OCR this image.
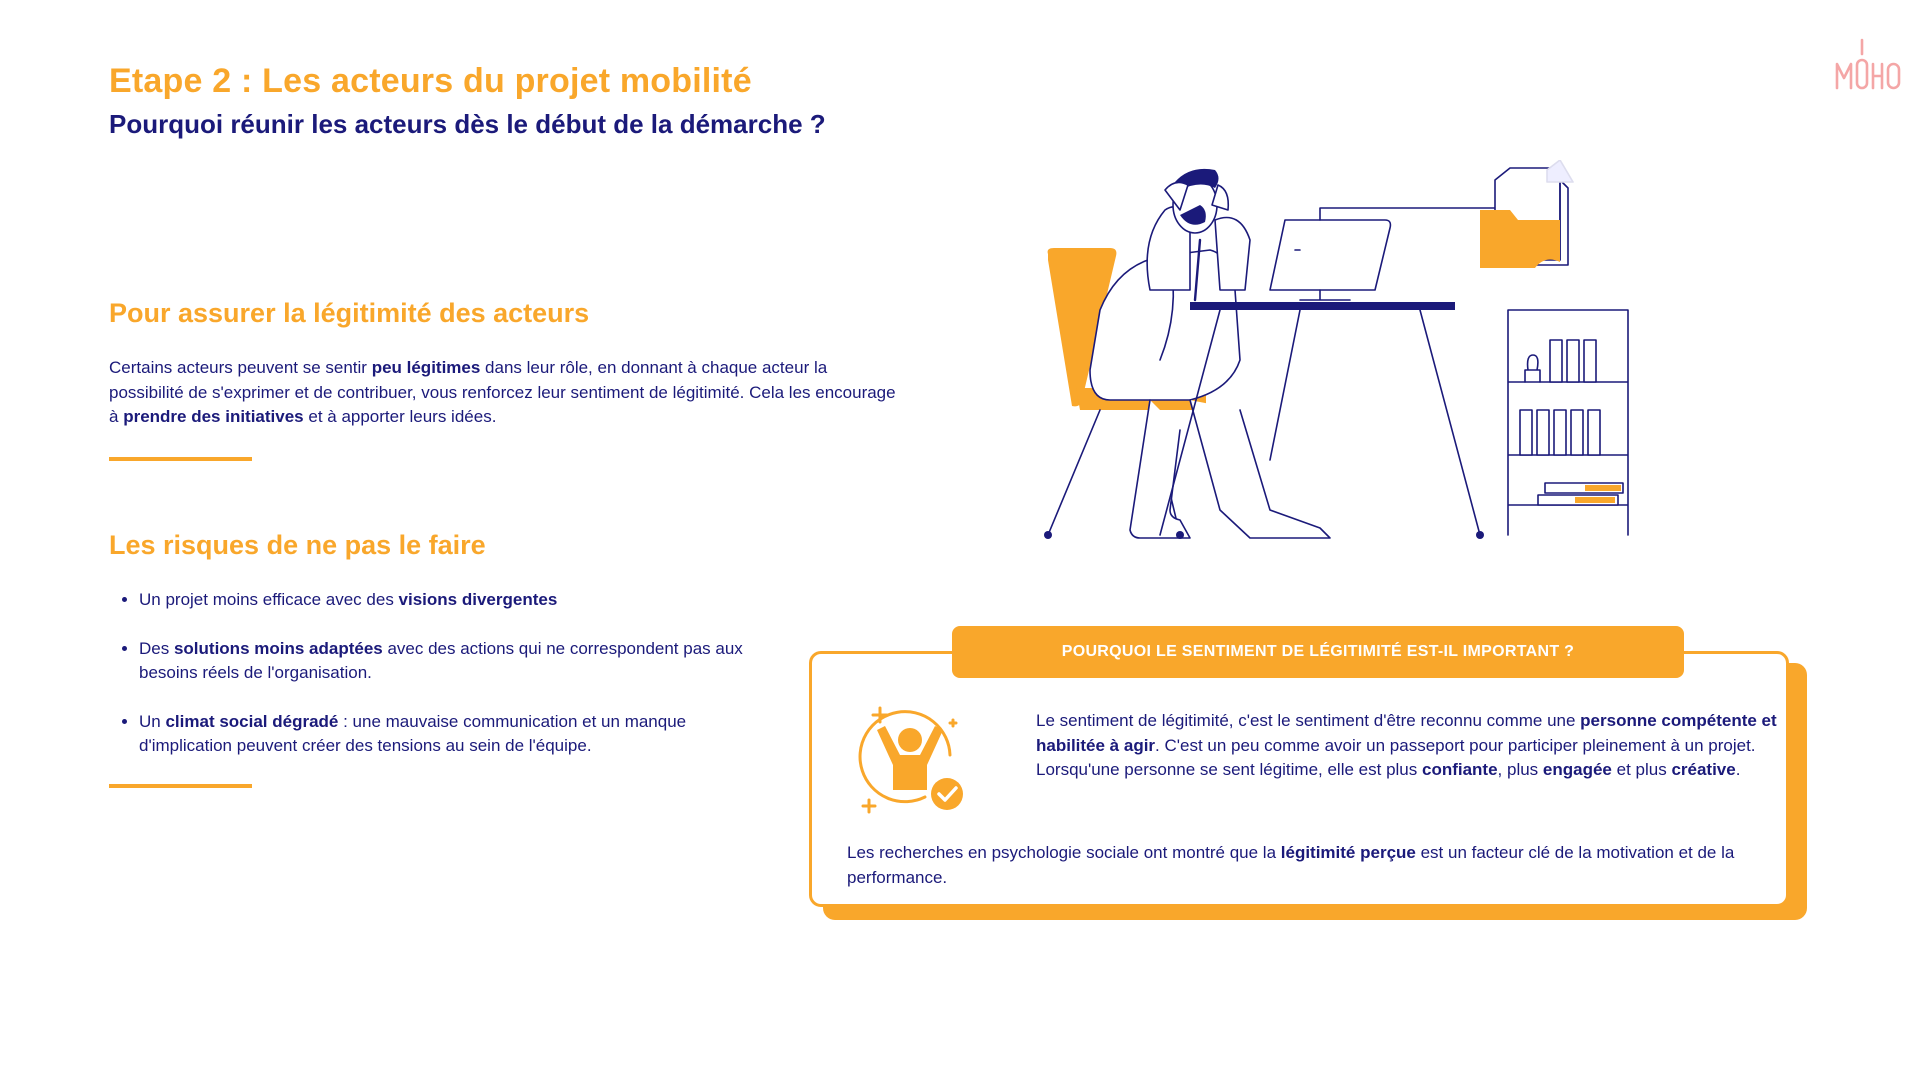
Etape 2 : Les acteurs du projet mobilité
Pourquoi réunir les acteurs dès le début de la démarche ?
Pour assurer la légitimité des acteurs

Certains acteurs peuvent se sentir peu légitimes dans leur rôle, en donnant à chaque acteur la possibilité de s'exprimer et de contribuer, vous renforcez leur sentiment de légitimité. Cela les encourage à prendre des initiatives et à apporter leurs idées.

Les risques de ne pas le faire
• Un projet moins efficace avec des visions divergentes
• Des solutions moins adaptées avec des actions qui ne correspondent pas aux besoins réels de l'organisation.
• Un climat social dégradé : une mauvaise communication et un manque d'implication peuvent créer des tensions au sein de l'équipe.
POURQUOI LE SENTIMENT DE LÉGITIMITÉ EST-IL IMPORTANT ?

Le sentiment de légitimité, c'est le sentiment d'être reconnu comme une personne compétente et habilitée à agir. C'est un peu comme avoir un passeport pour participer pleinement à un projet. Lorsqu'une personne se sent légitime, elle est plus confiante, plus engagée et plus créative.

Les recherches en psychologie sociale ont montré que la légitimité perçue est un facteur clé de la motivation et de la performance.
